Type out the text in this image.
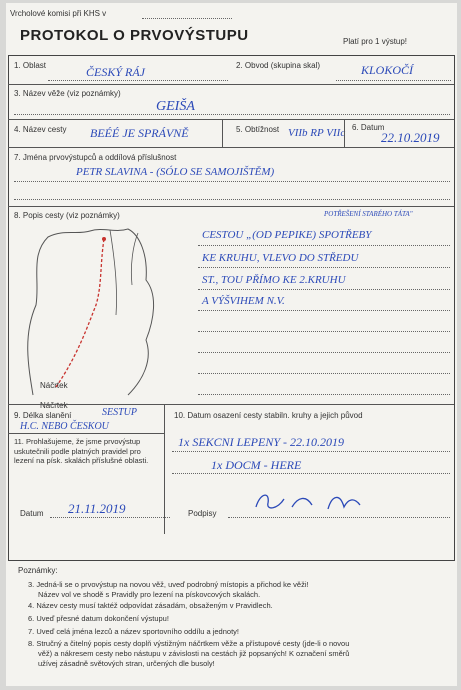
Vrcholové komisi při KHS v
PROTOKOL O PRVOVÝSTUPU	Platí pro 1 výstup!
1. Oblast	ČESKÝ RÁJ	2. Obvod (skupina skal)	KLOKOČÍ
3. Název věže (viz poznámky)
GEIŠA
4. Název cesty BEÉÉ JE SPRÁVNĚ	5. Obtížnost VIIb RP VIIc 6. Datum
22.10.2019
7. Jména prvovýstupců a oddílová příslušnost
PETR SLAVINA - (SÓLO SE SAMOJIŠTĚM)
8. Popis cesty (viz poznámky)
CESTOU „(OD PEPIKE) SPOTŘEBY
POTŘEŠENÍ STARÉHO TÁTA"
KE KRUHU, VLEVO DO STŘEDU
ST., TOU PŘÍMO KE 2.KRUHU
A VÝŠVIHEM N.V.
Náčrtek
Náčrtek
9. Délka slanění	SESTUP
H.C. NEBO ČESKOU
10. Datum osazení cesty stabiln. kruhy a jejich původ
1x SEKCNI LEPENY - 22.10.2019
1x DOCM - HERE
11. Prohlašujeme, že jsme prvovýstup uskutečnili podle platných pravidel pro lezení na písk. skalách příslušné oblasti.
Datum 21.11.2019	Podpisy
Poznámky:
3. Jedná-li se o prvovýstup na novou věž, uveď podrobný místopis a přichod ke věži!
Název vol ve shodě s Pravidly pro lezení na pískovcových skalách.
4. Název cesty musí taktéž odpovídat zásadám, obsaženým v Pravidlech.
6. Uveď přesné datum dokončení výstupu!
7. Uveď celá jména lezců a název sportovního oddílu a jednoty!
8. Stručný a čitelný popis cesty doplň výstižným náčrtkem věže a přístupové cesty (jde-li o novou
věž) a nákresem cesty nebo nástupu v závislosti na cestách již popsaných! K označení směrů
užívej zásadně světových stran, určených dle busoly!
